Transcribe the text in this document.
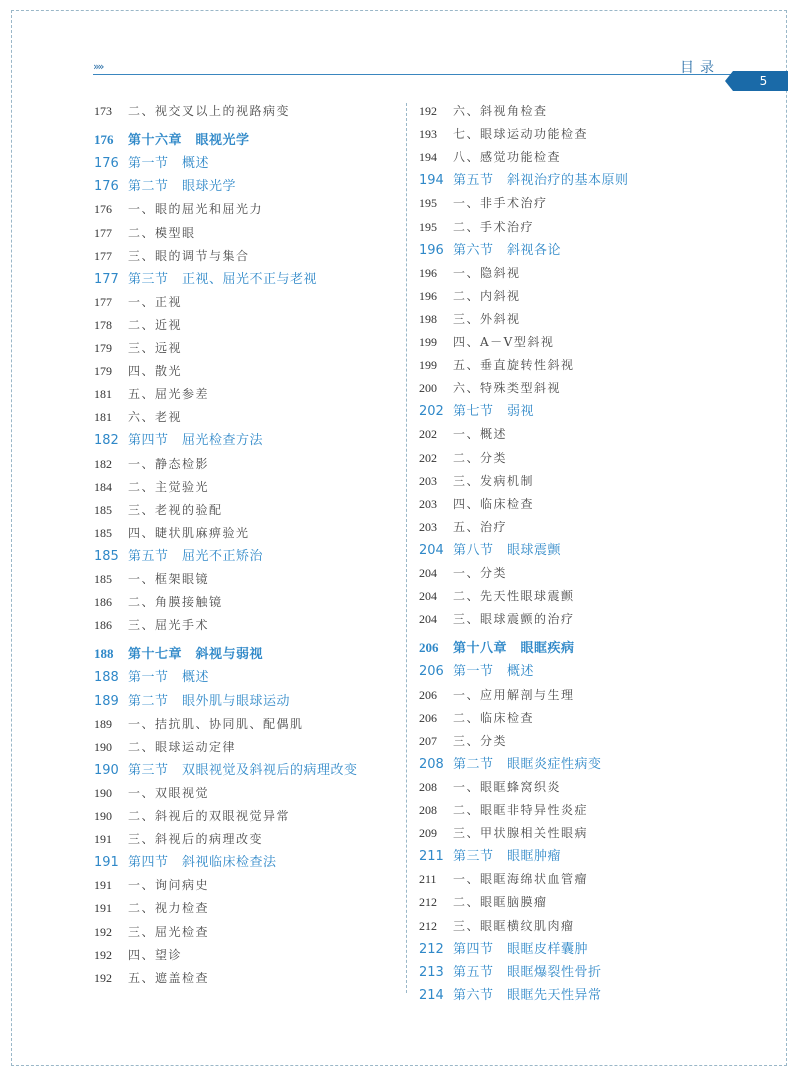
»»	目录
5
173 二、视交叉以上的视路病变
176 第十六章　眼视光学
176 第一节　概述
176 第二节　眼球光学
176 一、眼的屈光和屈光力
177 二、模型眼
177 三、眼的调节与集合
177 第三节　正视、屈光不正与老视
177 一、正视
178 二、近视
179 三、远视
179 四、散光
181 五、屈光参差
181 六、老视
182 第四节　屈光检查方法
182 一、静态检影
184 二、主觉验光
185 三、老视的验配
185 四、睫状肌麻痹验光
185 第五节　屈光不正矫治
185 一、框架眼镜
186 二、角膜接触镜
186 三、屈光手术
188 第十七章　斜视与弱视
188 第一节　概述
189 第二节　眼外肌与眼球运动
189 一、拮抗肌、协同肌、配偶肌
190 二、眼球运动定律
190 第三节　双眼视觉及斜视后的病理改变
190 一、双眼视觉
190 二、斜视后的双眼视觉异常
191 三、斜视后的病理改变
191 第四节　斜视临床检查法
191 一、询问病史
191 二、视力检查
192 三、屈光检查
192 四、望诊
192 五、遮盖检查
192 六、斜视角检查
193 七、眼球运动功能检查
194 八、感觉功能检查
194 第五节　斜视治疗的基本原则
195 一、非手术治疗
195 二、手术治疗
196 第六节　斜视各论
196 一、隐斜视
196 二、内斜视
198 三、外斜视
199 四、A－V型斜视
199 五、垂直旋转性斜视
200 六、特殊类型斜视
202 第七节　弱视
202 一、概述
202 二、分类
203 三、发病机制
203 四、临床检查
203 五、治疗
204 第八节　眼球震颤
204 一、分类
204 二、先天性眼球震颤
204 三、眼球震颤的治疗
206 第十八章　眼眶疾病
206 第一节　概述
206 一、应用解剖与生理
206 二、临床检查
207 三、分类
208 第二节　眼眶炎症性病变
208 一、眼眶蜂窝织炎
208 二、眼眶非特异性炎症
209 三、甲状腺相关性眼病
211 第三节　眼眶肿瘤
211 一、眼眶海绵状血管瘤
212 二、眼眶脑膜瘤
212 三、眼眶横纹肌肉瘤
212 第四节　眼眶皮样囊肿
213 第五节　眼眶爆裂性骨折
214 第六节　眼眶先天性异常
